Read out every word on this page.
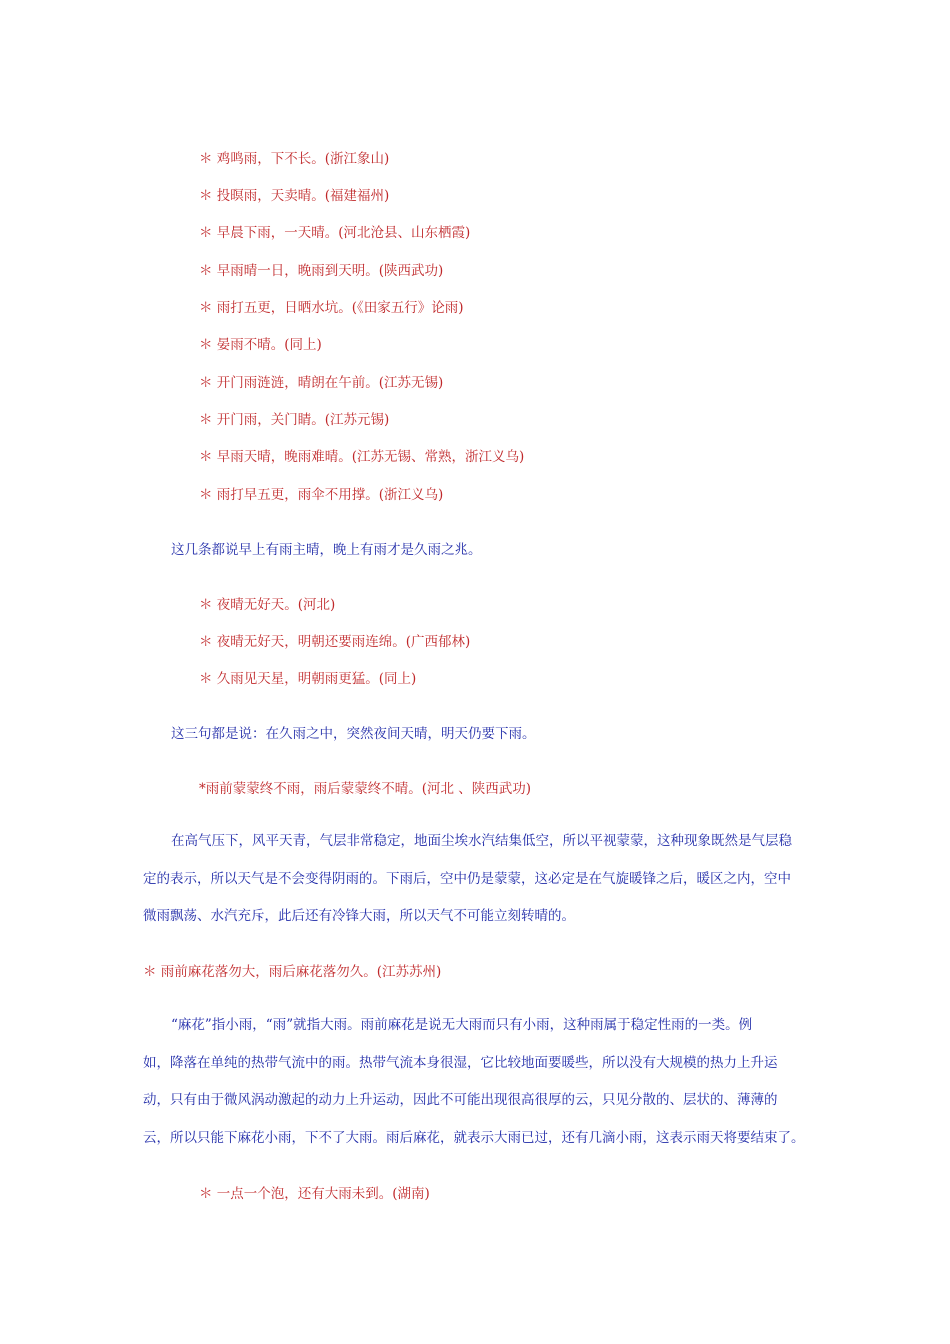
＊ 鸡鸣雨，下不长。(浙江象山)
＊ 投暝雨，天卖晴。(福建福州)
＊ 早晨下雨，一天晴。(河北沧县、山东栖霞)
＊ 早雨晴一日，晚雨到天明。(陕西武功)
＊ 雨打五更，日晒水坑。(《田家五行》论雨)
＊ 晏雨不晴。(同上)
＊ 开门雨涟涟，晴朗在午前。(江苏无锡)
＊ 开门雨，关门睛。(江苏元锡)
＊ 早雨天晴，晚雨难晴。(江苏无锡、常熟，浙江义乌)
＊ 雨打早五更，雨伞不用撑。(浙江义乌)
这几条都说早上有雨主晴，晚上有雨才是久雨之兆。
＊ 夜晴无好天。(河北)
＊ 夜晴无好天，明朝还要雨连绵。(广西郁林)
＊ 久雨见天星，明朝雨更猛。(同上)
这三句都是说：在久雨之中，突然夜间天晴，明天仍要下雨。
*雨前蒙蒙终不雨，雨后蒙蒙终不晴。(河北 、陕西武功)
在高气压下，风平天青，气层非常稳定，地面尘埃水汽结集低空，所以平视蒙蒙，这种现象既然是气层稳
定的表示，所以天气是不会变得阴雨的。下雨后，空中仍是蒙蒙，这必定是在气旋暖锋之后，暖区之内，空中
微雨飘荡、水汽充斥，此后还有冷锋大雨，所以天气不可能立刻转晴的。
＊ 雨前麻花落勿大，雨后麻花落勿久。(江苏苏州)
“麻花”指小雨，“雨”就指大雨。雨前麻花是说无大雨而只有小雨，这种雨属于稳定性雨的一类。例
如，降落在单纯的热带气流中的雨。热带气流本身很湿，它比较地面要暖些，所以没有大规模的热力上升运
动，只有由于微风涡动激起的动力上升运动，因此不可能出现很高很厚的云，只见分散的、层状的、薄薄的
云，所以只能下麻花小雨，下不了大雨。雨后麻花，就表示大雨已过，还有几滴小雨，这表示雨天将要结束了。
＊ 一点一个泡，还有大雨未到。(湖南)
